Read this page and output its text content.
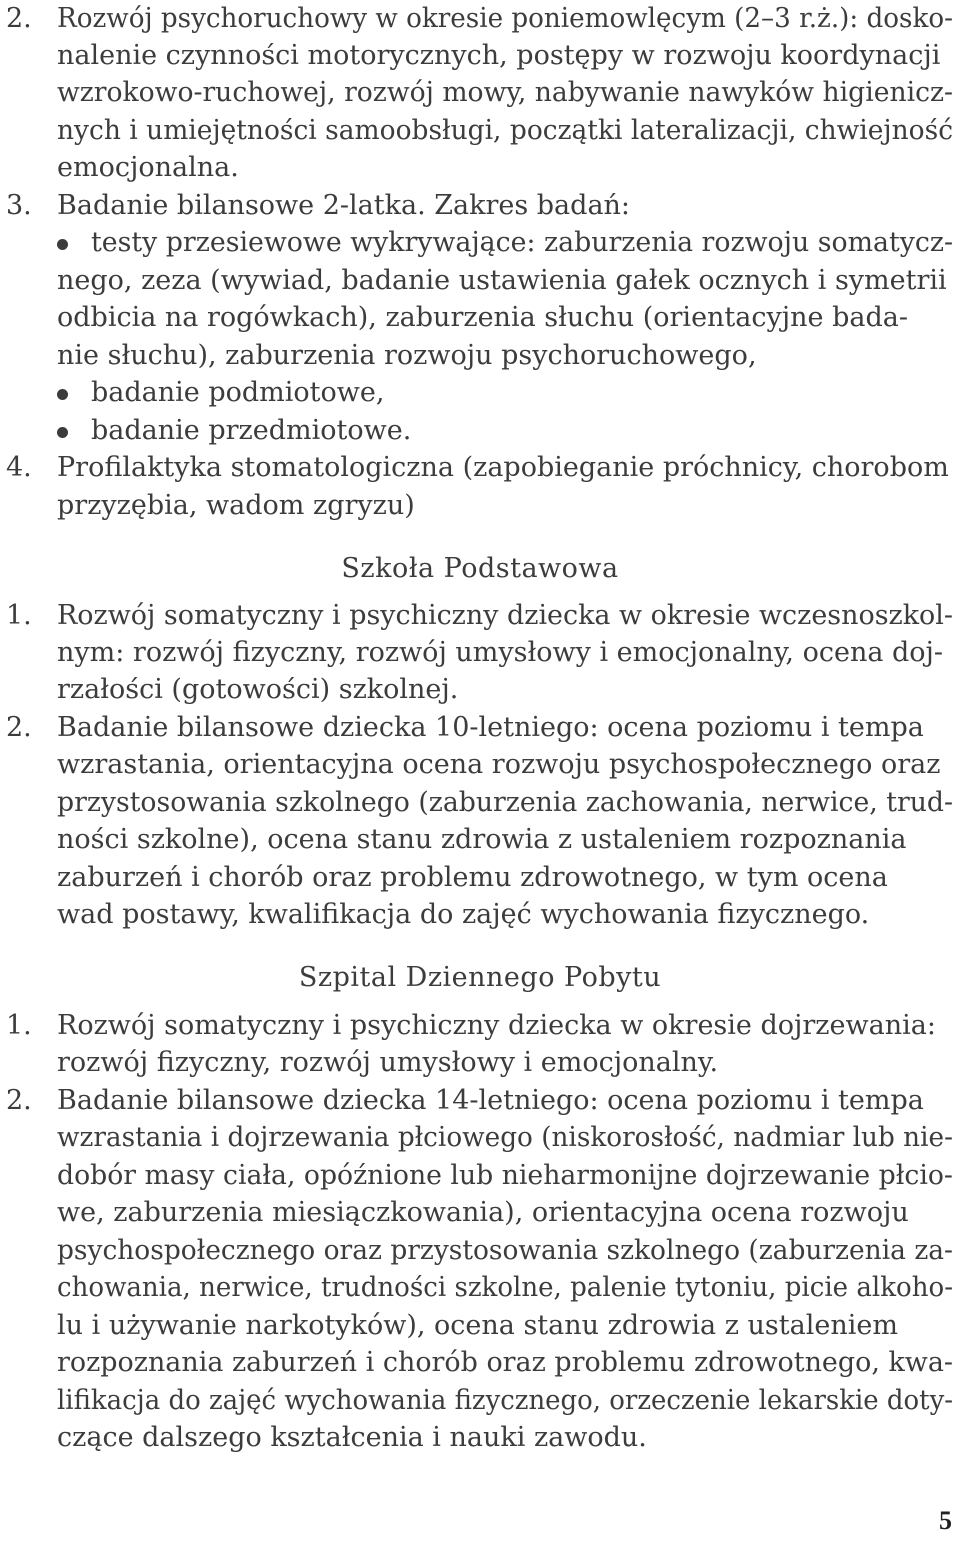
2. Rozwój psychoruchowy w okresie poniemowlęcym (2–3 r.ż.): dosko-
nalenie czynności motorycznych, postępy w rozwoju koordynacji
wzrokowo-ruchowej, rozwój mowy, nabywanie nawyków higienicz-
nych i umiejętności samoobsługi, początki lateralizacji, chwiejność
emocjonalna.
3. Badanie bilansowe 2-latka. Zakres badań:
testy przesiewowe wykrywające: zaburzenia rozwoju somatycz-
nego, zeza (wywiad, badanie ustawienia gałek ocznych i symetrii
odbicia na rogówkach), zaburzenia słuchu (orientacyjne bada-
nie słuchu), zaburzenia rozwoju psychoruchowego,
badanie podmiotowe,
badanie przedmiotowe.
4. Profilaktyka stomatologiczna (zapobieganie próchnicy, chorobom
przyzębia, wadom zgryzu)
Szkoła Podstawowa
1. Rozwój somatyczny i psychiczny dziecka w okresie wczesnoszkol-
nym: rozwój fizyczny, rozwój umysłowy i emocjonalny, ocena doj-
rzałości (gotowości) szkolnej.
2. Badanie bilansowe dziecka 10-letniego: ocena poziomu i tempa
wzrastania, orientacyjna ocena rozwoju psychospołecznego oraz
przystosowania szkolnego (zaburzenia zachowania, nerwice, trud-
ności szkolne), ocena stanu zdrowia z ustaleniem rozpoznania
zaburzeń i chorób oraz problemu zdrowotnego, w tym ocena
wad postawy, kwalifikacja do zajęć wychowania fizycznego.
Szpital Dziennego Pobytu
1. Rozwój somatyczny i psychiczny dziecka w okresie dojrzewania:
rozwój fizyczny, rozwój umysłowy i emocjonalny.
2. Badanie bilansowe dziecka 14-letniego: ocena poziomu i tempa
wzrastania i dojrzewania płciowego (niskorosłość, nadmiar lub nie-
dobór masy ciała, opóźnione lub nieharmonijne dojrzewanie płcio-
we, zaburzenia miesiączkowania), orientacyjna ocena rozwoju
psychospołecznego oraz przystosowania szkolnego (zaburzenia za-
chowania, nerwice, trudności szkolne, palenie tytoniu, picie alkoho-
lu i używanie narkotyków), ocena stanu zdrowia z ustaleniem
rozpoznania zaburzeń i chorób oraz problemu zdrowotnego, kwa-
lifikacja do zajęć wychowania fizycznego, orzeczenie lekarskie doty-
czące dalszego kształcenia i nauki zawodu.
5
